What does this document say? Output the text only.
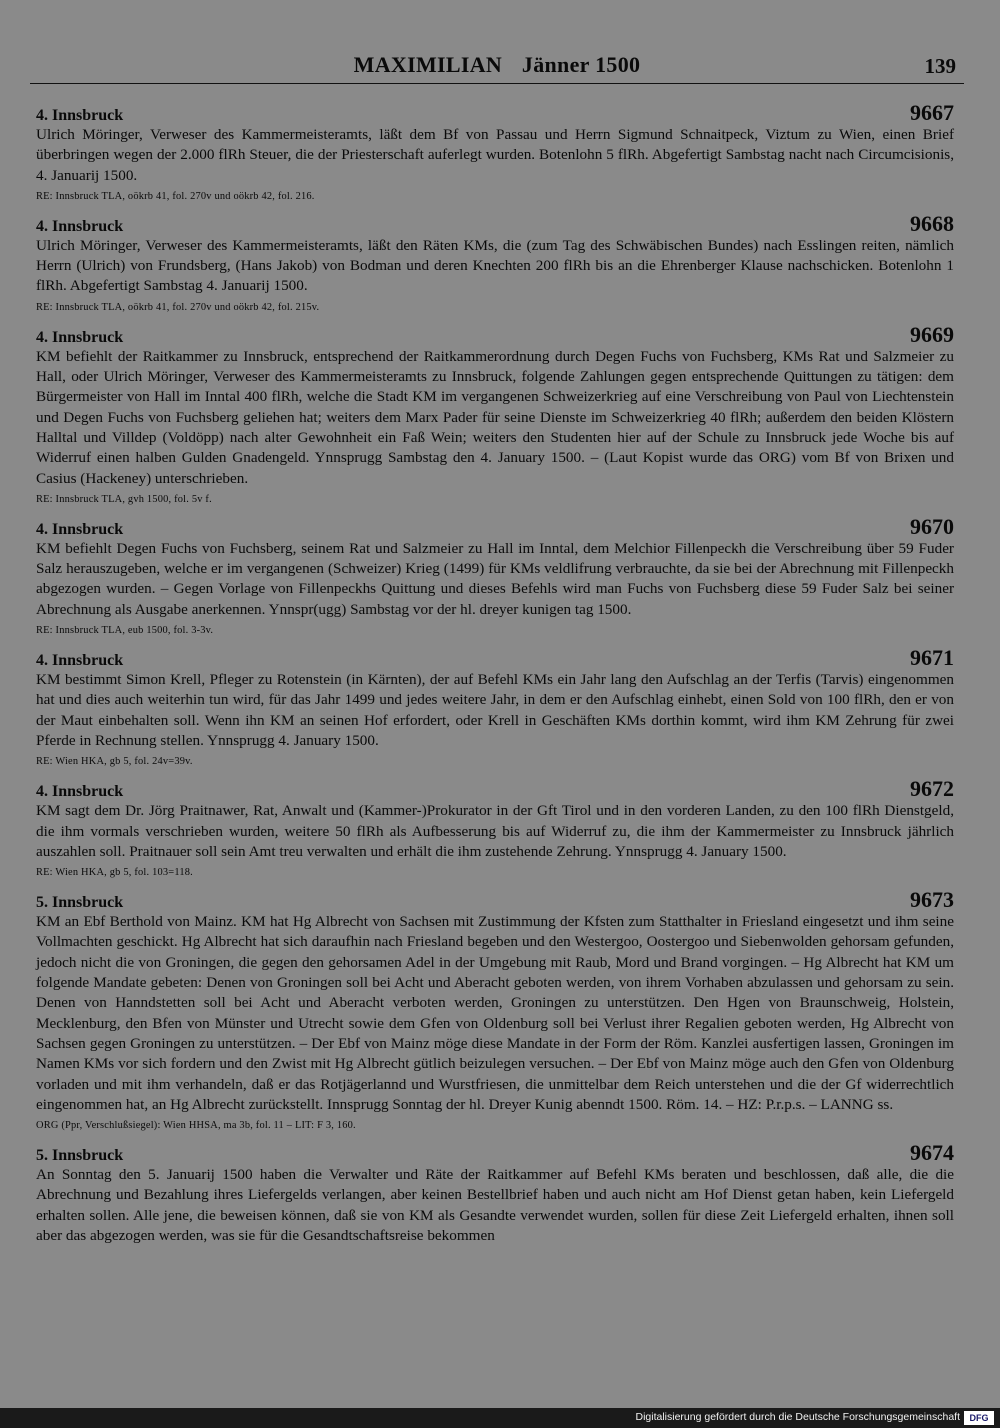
MAXIMILIAN Jänner 1500	139
4. Innsbruck	9667

Ulrich Möringer, Verweser des Kammermeisteramts, läßt dem Bf von Passau und Herrn Sigmund Schnaitpeck, Viztum zu Wien, einen Brief überbringen wegen der 2.000 flRh Steuer, die der Priesterschaft auferlegt wurden. Botenlohn 5 flRh. Abgefertigt Sambstag nacht nach Circumcisionis, 4. Januarij 1500.

RE: Innsbruck TLA, oökrb 41, fol. 270v und oökrb 42, fol. 216.
4. Innsbruck	9668

Ulrich Möringer, Verweser des Kammermeisteramts, läßt den Räten KMs, die (zum Tag des Schwäbischen Bundes) nach Esslingen reiten, nämlich Herrn (Ulrich) von Frundsberg, (Hans Jakob) von Bodman und deren Knechten 200 flRh bis an die Ehrenberger Klause nachschicken. Botenlohn 1 flRh. Abgefertigt Sambstag 4. Januarij 1500.

RE: Innsbruck TLA, oökrb 41, fol. 270v und oökrb 42, fol. 215v.
4. Innsbruck	9669

KM befiehlt der Raitkammer zu Innsbruck, entsprechend der Raitkammerordnung durch Degen Fuchs von Fuchsberg, KMs Rat und Salzmeier zu Hall, oder Ulrich Möringer, Verweser des Kammermeisteramts zu Innsbruck, folgende Zahlungen gegen entsprechende Quittungen zu tätigen: dem Bürgermeister von Hall im Inntal 400 flRh, welche die Stadt KM im vergangenen Schweizerkrieg auf eine Verschreibung von Paul von Liechtenstein und Degen Fuchs von Fuchsberg geliehen hat; weiters dem Marx Pader für seine Dienste im Schweizerkrieg 40 flRh; außerdem den beiden Klöstern Halltal und Villdep (Voldöpp) nach alter Gewohnheit ein Faß Wein; weiters den Studenten hier auf der Schule zu Innsbruck jede Woche bis auf Widerruf einen halben Gulden Gnadengeld. Ynnsprugg Sambstag den 4. January 1500. – (Laut Kopist wurde das ORG) vom Bf von Brixen und Casius (Hackeney) unterschrieben.

RE: Innsbruck TLA, gvh 1500, fol. 5v f.
4. Innsbruck	9670

KM befiehlt Degen Fuchs von Fuchsberg, seinem Rat und Salzmeier zu Hall im Inntal, dem Melchior Fillenpeckh die Verschreibung über 59 Fuder Salz herauszugeben, welche er im vergangenen (Schweizer) Krieg (1499) für KMs veldlifrung verbrauchte, da sie bei der Abrechnung mit Fillenpeckh abgezogen wurden. – Gegen Vorlage von Fillenpeckhs Quittung und dieses Befehls wird man Fuchs von Fuchsberg diese 59 Fuder Salz bei seiner Abrechnung als Ausgabe anerkennen. Ynnspr(ugg) Sambstag vor der hl. dreyer kunigen tag 1500.

RE: Innsbruck TLA, eub 1500, fol. 3-3v.
4. Innsbruck	9671

KM bestimmt Simon Krell, Pfleger zu Rotenstein (in Kärnten), der auf Befehl KMs ein Jahr lang den Aufschlag an der Terfis (Tarvis) eingenommen hat und dies auch weiterhin tun wird, für das Jahr 1499 und jedes weitere Jahr, in dem er den Aufschlag einhebt, einen Sold von 100 flRh, den er von der Maut einbehalten soll. Wenn ihn KM an seinen Hof erfordert, oder Krell in Geschäften KMs dorthin kommt, wird ihm KM Zehrung für zwei Pferde in Rechnung stellen. Ynnsprugg 4. January 1500.

RE: Wien HKA, gb 5, fol. 24v=39v.
4. Innsbruck	9672

KM sagt dem Dr. Jörg Praitnawer, Rat, Anwalt und (Kammer-)Prokurator in der Gft Tirol und in den vorderen Landen, zu den 100 flRh Dienstgeld, die ihm vormals verschrieben wurden, weitere 50 flRh als Aufbesserung bis auf Widerruf zu, die ihm der Kammermeister zu Innsbruck jährlich auszahlen soll. Praitnauer soll sein Amt treu verwalten und erhält die ihm zustehende Zehrung. Ynnsprugg 4. January 1500.

RE: Wien HKA, gb 5, fol. 103=118.
5. Innsbruck	9673

KM an Ebf Berthold von Mainz. KM hat Hg Albrecht von Sachsen mit Zustimmung der Kfsten zum Statthalter in Friesland eingesetzt und ihm seine Vollmachten geschickt. Hg Albrecht hat sich daraufhin nach Friesland begeben und den Westergoo, Oostergoo und Siebenwolden gehorsam gefunden, jedoch nicht die von Groningen, die gegen den gehorsamen Adel in der Umgebung mit Raub, Mord und Brand vorgingen. – Hg Albrecht hat KM um folgende Mandate gebeten: Denen von Groningen soll bei Acht und Aberacht geboten werden, von ihrem Vorhaben abzulassen und gehorsam zu sein. Denen von Hanndstetten soll bei Acht und Aberacht verboten werden, Groningen zu unterstützen. Den Hgen von Braunschweig, Holstein, Mecklenburg, den Bfen von Münster und Utrecht sowie dem Gfen von Oldenburg soll bei Verlust ihrer Regalien geboten werden, Hg Albrecht von Sachsen gegen Groningen zu unterstützen. – Der Ebf von Mainz möge diese Mandate in der Form der Röm. Kanzlei ausfertigen lassen, Groningen im Namen KMs vor sich fordern und den Zwist mit Hg Albrecht gütlich beizulegen versuchen. – Der Ebf von Mainz möge auch den Gfen von Oldenburg vorladen und mit ihm verhandeln, daß er das Rotjägerlannd und Wurstfriesen, die unmittelbar dem Reich unterstehen und die der Gf widerrechtlich eingenommen hat, an Hg Albrecht zurückstellt. Innsprugg Sonntag der hl. Dreyer Kunig abenndt 1500. Röm. 14. – HZ: P.r.p.s. – LANNG ss.

ORG (Ppr, Verschlußsiegel): Wien HHSA, ma 3b, fol. 11 – LIT: F 3, 160.
5. Innsbruck	9674

An Sonntag den 5. Januarij 1500 haben die Verwalter und Räte der Raitkammer auf Befehl KMs beraten und beschlossen, daß alle, die die Abrechnung und Bezahlung ihres Liefergelds verlangen, aber keinen Bestellbrief haben und auch nicht am Hof Dienst getan haben, kein Liefergeld erhalten sollen. Alle jene, die beweisen können, daß sie von KM als Gesandte verwendet wurden, sollen für diese Zeit Liefergeld erhalten, ihnen soll aber das abgezogen werden, was sie für die Gesandtschaftsreise bekommen

Digitalisierung gefördert durch die Deutsche Forschungsgemeinschaft	DFG
